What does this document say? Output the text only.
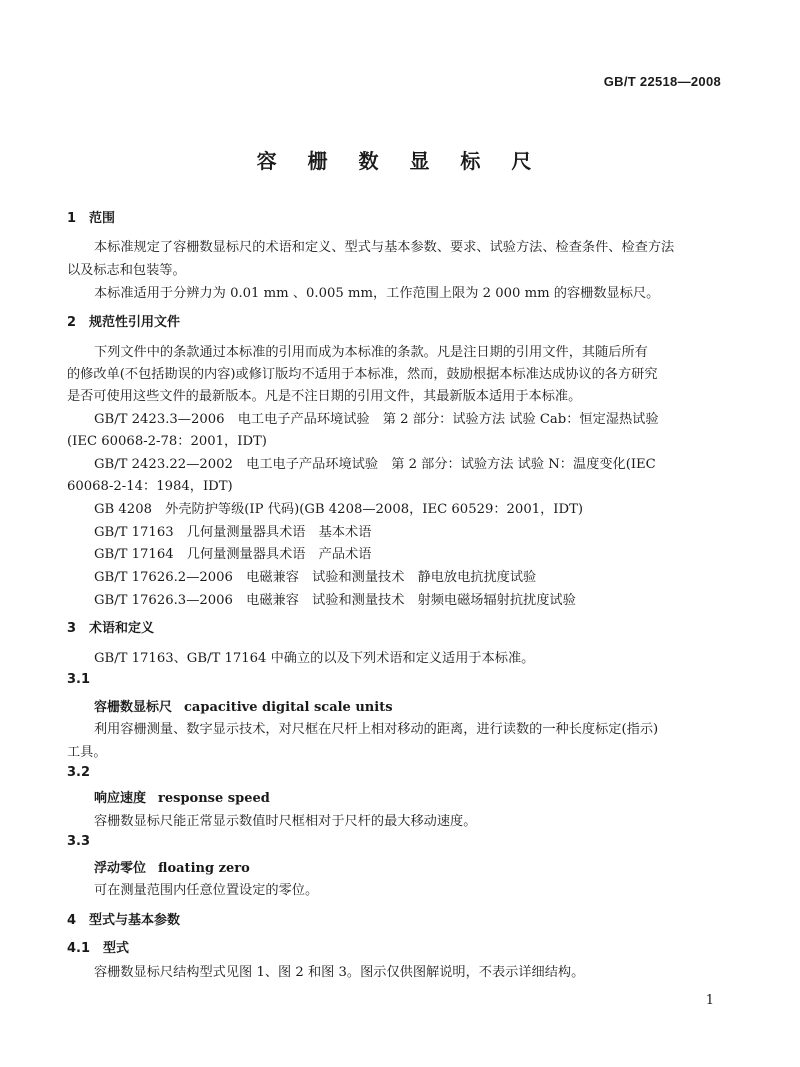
GB/T 22518—2008
容 栅 数 显 标 尺
1　范围
本标准规定了容栅数显标尺的术语和定义、型式与基本参数、要求、试验方法、检查条件、检查方法
以及标志和包装等。
本标准适用于分辨力为 0.01 mm 、0.005 mm，工作范围上限为 2 000 mm 的容栅数显标尺。
2　规范性引用文件
下列文件中的条款通过本标准的引用而成为本标准的条款。凡是注日期的引用文件，其随后所有
的修改单(不包括勘误的内容)或修订版均不适用于本标准，然而，鼓励根据本标准达成协议的各方研究
是否可使用这些文件的最新版本。凡是不注日期的引用文件，其最新版本适用于本标准。
GB/T 2423.3—2006　电工电子产品环境试验　第 2 部分：试验方法 试验 Cab：恒定湿热试验
(IEC 60068-2-78：2001，IDT)
GB/T 2423.22—2002　电工电子产品环境试验　第 2 部分：试验方法 试验 N：温度变化(IEC
60068-2-14：1984，IDT)
GB 4208　外壳防护等级(IP 代码)(GB 4208—2008，IEC 60529：2001，IDT)
GB/T 17163　几何量测量器具术语　基本术语
GB/T 17164　几何量测量器具术语　产品术语
GB/T 17626.2—2006　电磁兼容　试验和测量技术　静电放电抗扰度试验
GB/T 17626.3—2006　电磁兼容　试验和测量技术　射频电磁场辐射抗扰度试验
3　术语和定义
GB/T 17163、GB/T 17164 中确立的以及下列术语和定义适用于本标准。
3.1
容栅数显标尺 capacitive digital scale units
利用容栅测量、数字显示技术，对尺框在尺杆上相对移动的距离，进行读数的一种长度标定(指示)
工具。
3.2
响应速度 response speed
容栅数显标尺能正常显示数值时尺框相对于尺杆的最大移动速度。
3.3
浮动零位 floating zero
可在测量范围内任意位置设定的零位。
4　型式与基本参数
4.1　型式
容栅数显标尺结构型式见图 1、图 2 和图 3。图示仅供图解说明，不表示详细结构。
1
